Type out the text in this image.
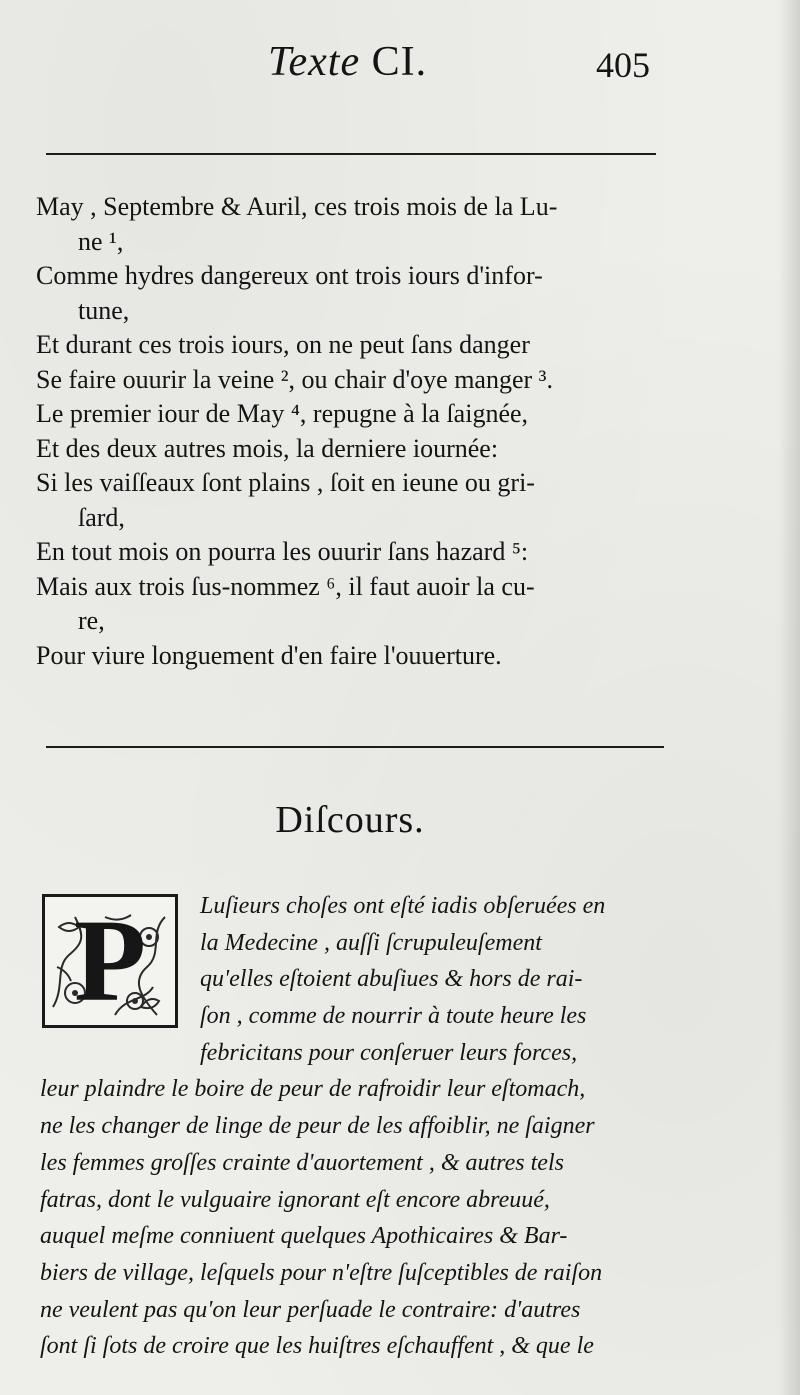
Texte CI.	405
May , Septembre & Auril, ces trois mois de la Lu-
ne ¹,
Comme hydres dangereux ont trois iours d'infor-
tune,
Et durant ces trois iours, on ne peut ſans danger
Se faire ouurir la veine ², ou chair d'oye manger ³.
Le premier iour de May ⁴, repugne à la ſaignée,
Et des deux autres mois, la derniere iournée:
Si les vaiſſeaux ſont plains , ſoit en ieune ou gri-
ſard,
En tout mois on pourra les ouurir ſans hazard ⁵:
Mais aux trois ſus-nommez ⁶, il faut auoir la cu-
re,
Pour viure longuement d'en faire l'ouuerture.
Diſcours.
P	Luſieurs choſes ont eſté iadis obſeruées en
la Medecine , auſſi ſcrupuleuſement
qu'elles eſtoient abuſiues & hors de rai-
ſon , comme de nourrir à toute heure les
febricitans pour conſeruer leurs forces,
leur plaindre le boire de peur de rafroidir leur eſtomach,
ne les changer de linge de peur de les affoiblir, ne ſaigner
les femmes groſſes crainte d'auortement , & autres tels
fatras, dont le vulguaire ignorant eſt encore abreuué,
auquel meſme conniuent quelques Apothicaires & Bar-
biers de village, leſquels pour n'eſtre ſuſceptibles de raiſon
ne veulent pas qu'on leur perſuade le contraire: d'autres
ſont ſi ſots de croire que les huiſtres eſchauffent , & que le
